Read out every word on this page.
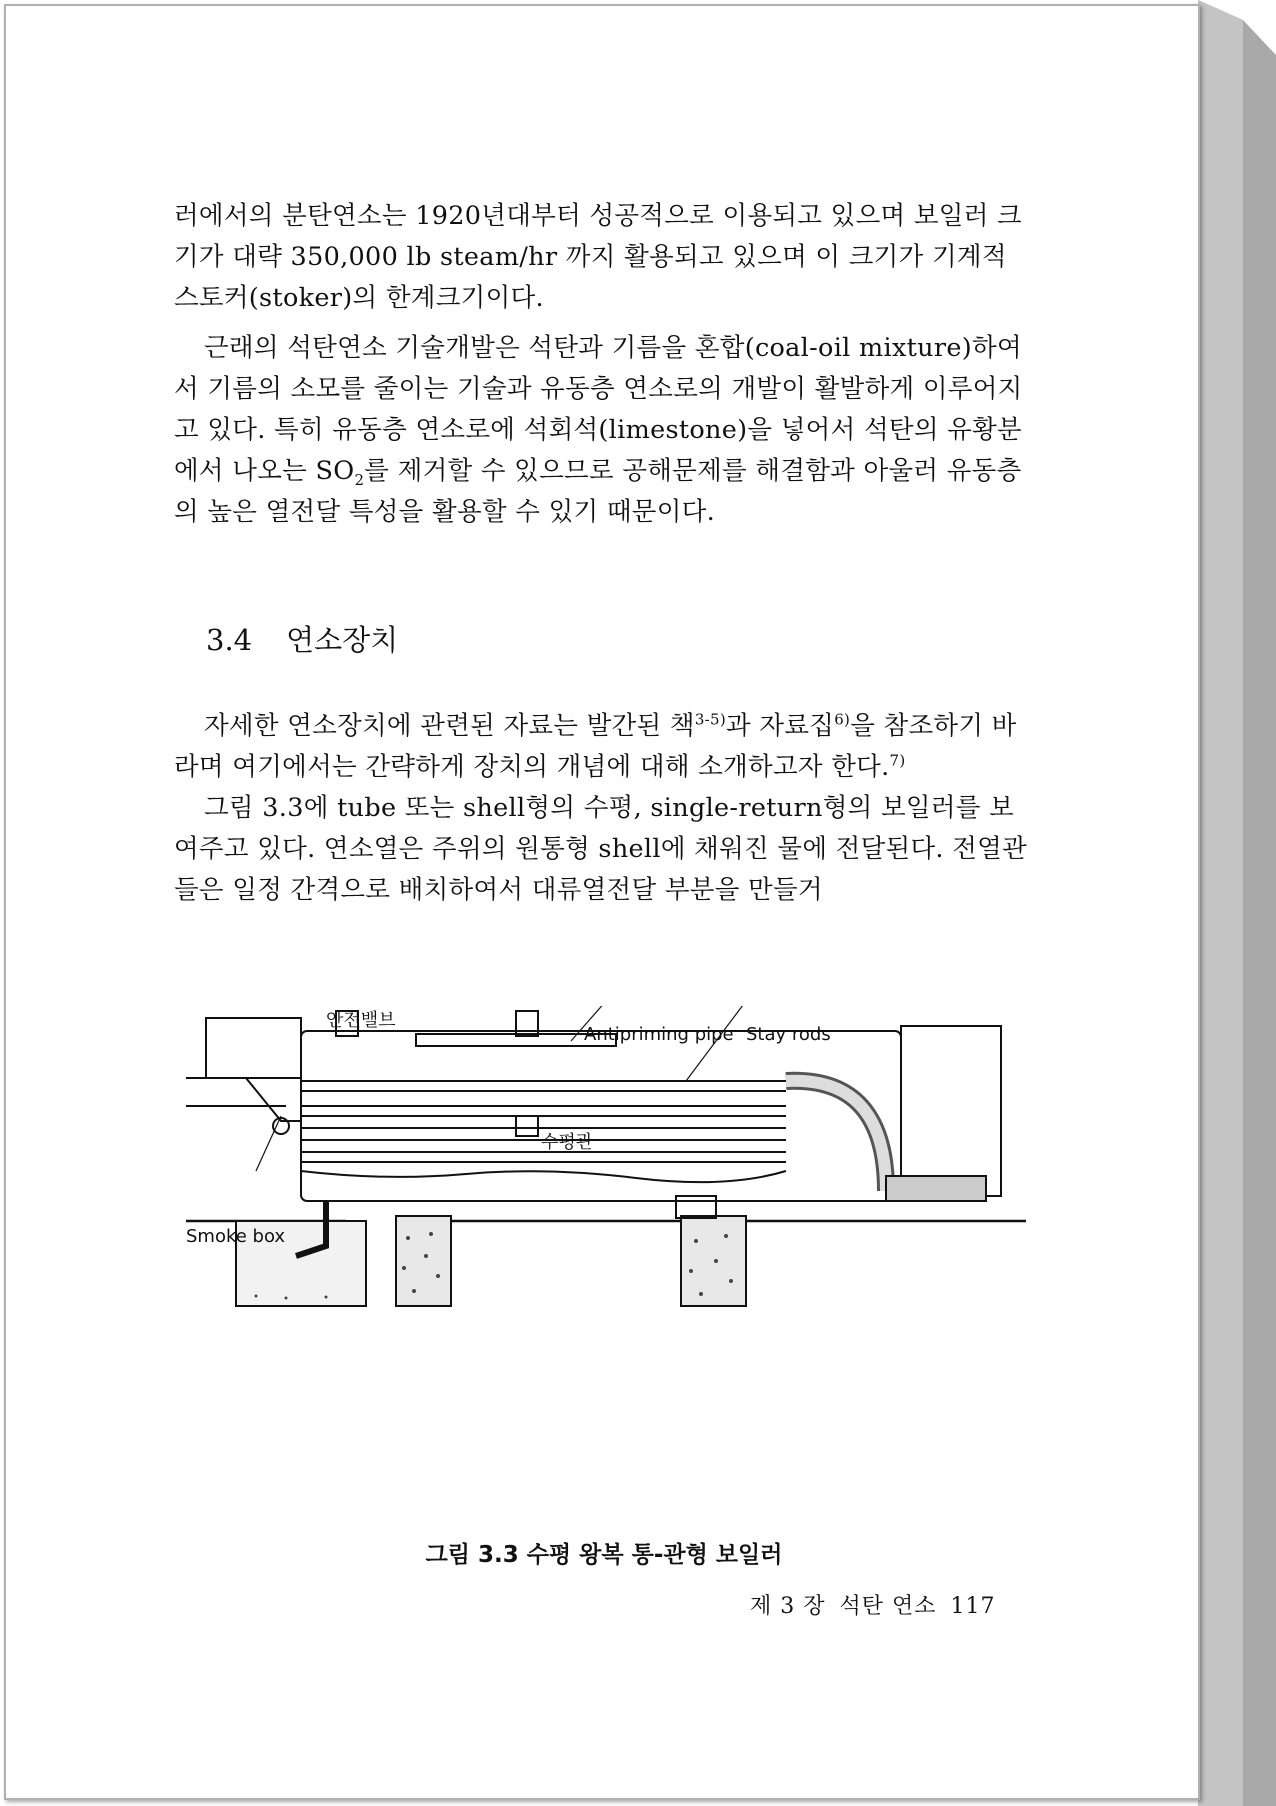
러에서의 분탄연소는 1920년대부터 성공적으로 이용되고 있으며 보일러 크기가 대략 350,000 lb steam/hr 까지 활용되고 있으며 이 크기가 기계적 스토커(stoker)의 한계크기이다.

근래의 석탄연소 기술개발은 석탄과 기름을 혼합(coal-oil mixture)하여서 기름의 소모를 줄이는 기술과 유동층 연소로의 개발이 활발하게 이루어지고 있다. 특히 유동층 연소로에 석회석(limestone)을 넣어서 석탄의 유황분에서 나오는 $SO_2$를 제거할 수 있으므로 공해문제를 해결함과 아울러 유동층의 높은 열전달 특성을 활용할 수 있기 때문이다.

3.4 연소장치

자세한 연소장치에 관련된 자료는 발간된 책$^{3-5)}$과 자료집$^{6)}$을 참조하기 바라며 여기에서는 간략하게 장치의 개념에 대해 소개하고자 한다.$^{7)}$

그림 3.3에 tube 또는 shell형의 수평, single-return형의 보일러를 보여주고 있다. 연소열은 주위의 원통형 shell에 채워진 물에 전달된다. 전열관들은 일정 간격으로 배치하여서 대류열전달 부분을 만들거

안전밸브
Antipriming pipe Stay rods
수평관
Smoke box

그림 3.3 수평 왕복 통-관형 보일러

제 3 장 석탄 연소 117
